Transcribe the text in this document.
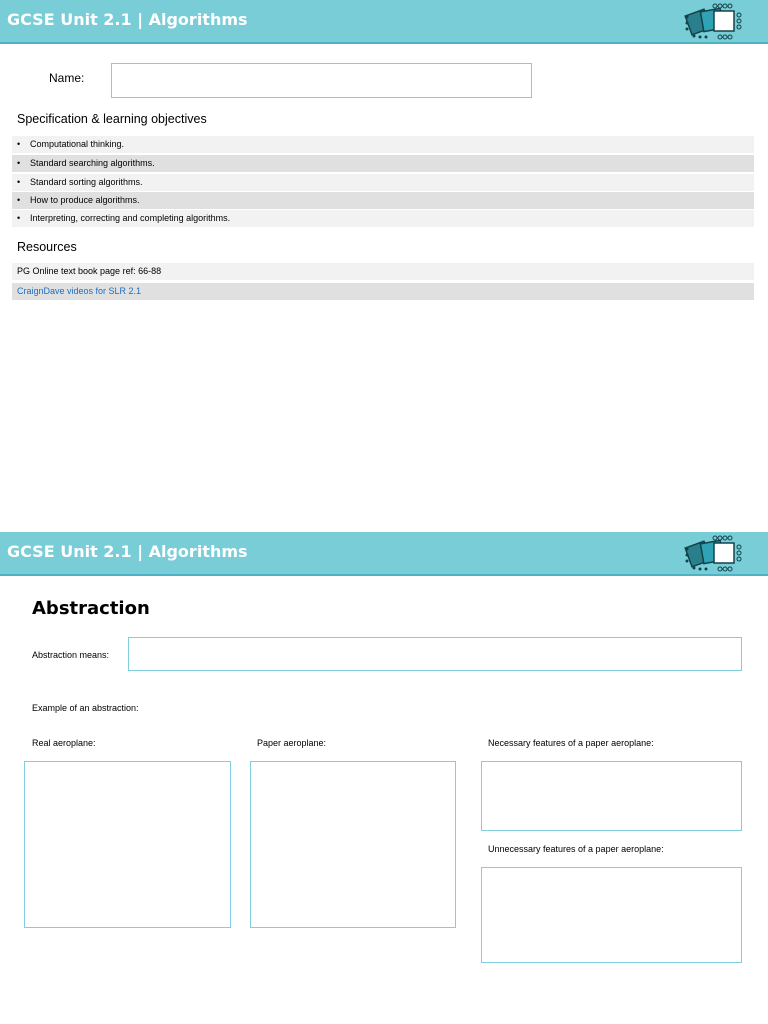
GCSE Unit 2.1 | Algorithms
Name:
Specification & learning objectives
• Computational thinking.
• Standard searching algorithms.
• Standard sorting algorithms.
• How to produce algorithms.
• Interpreting, correcting and completing algorithms.
Resources
PG Online text book page ref: 66-88
CraignDave videos for SLR 2.1
GCSE Unit 2.1 | Algorithms
Abstraction
Abstraction means:
Example of an abstraction:
Real aeroplane:	Paper aeroplane:	Necessary features of a paper aeroplane:
Unnecessary features of a paper aeroplane:
